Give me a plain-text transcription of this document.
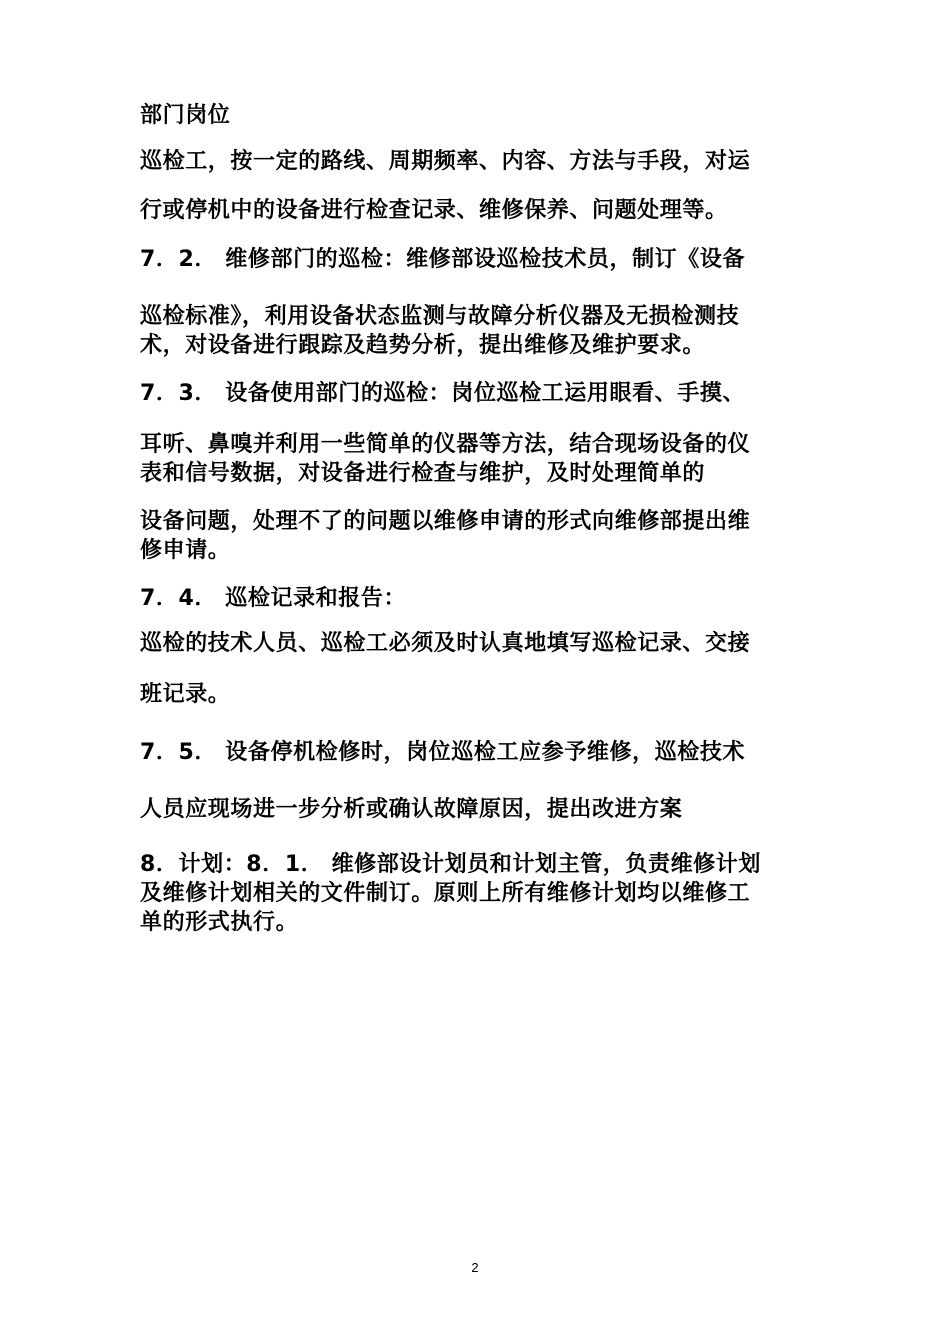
部门岗位
巡检工，按一定的路线、周期频率、内容、方法与手段，对运
行或停机中的设备进行检查记录、维修保养、问题处理等。
7．2． 维修部门的巡检：维修部设巡检技术员，制订《设备
巡检标准》，利用设备状态监测与故障分析仪器及无损检测技
术，对设备进行跟踪及趋势分析，提出维修及维护要求。
7．3． 设备使用部门的巡检：岗位巡检工运用眼看、手摸、
耳听、鼻嗅并利用一些简单的仪器等方法，结合现场设备的仪
表和信号数据，对设备进行检查与维护，及时处理简单的
设备问题，处理不了的问题以维修申请的形式向维修部提出维
修申请。
7．4． 巡检记录和报告：
巡检的技术人员、巡检工必须及时认真地填写巡检记录、交接
班记录。
7．5． 设备停机检修时，岗位巡检工应参予维修，巡检技术
人员应现场进一步分析或确认故障原因，提出改进方案
8．计划：8．1． 维修部设计划员和计划主管，负责维修计划
及维修计划相关的文件制订。原则上所有维修计划均以维修工
单的形式执行。
2
